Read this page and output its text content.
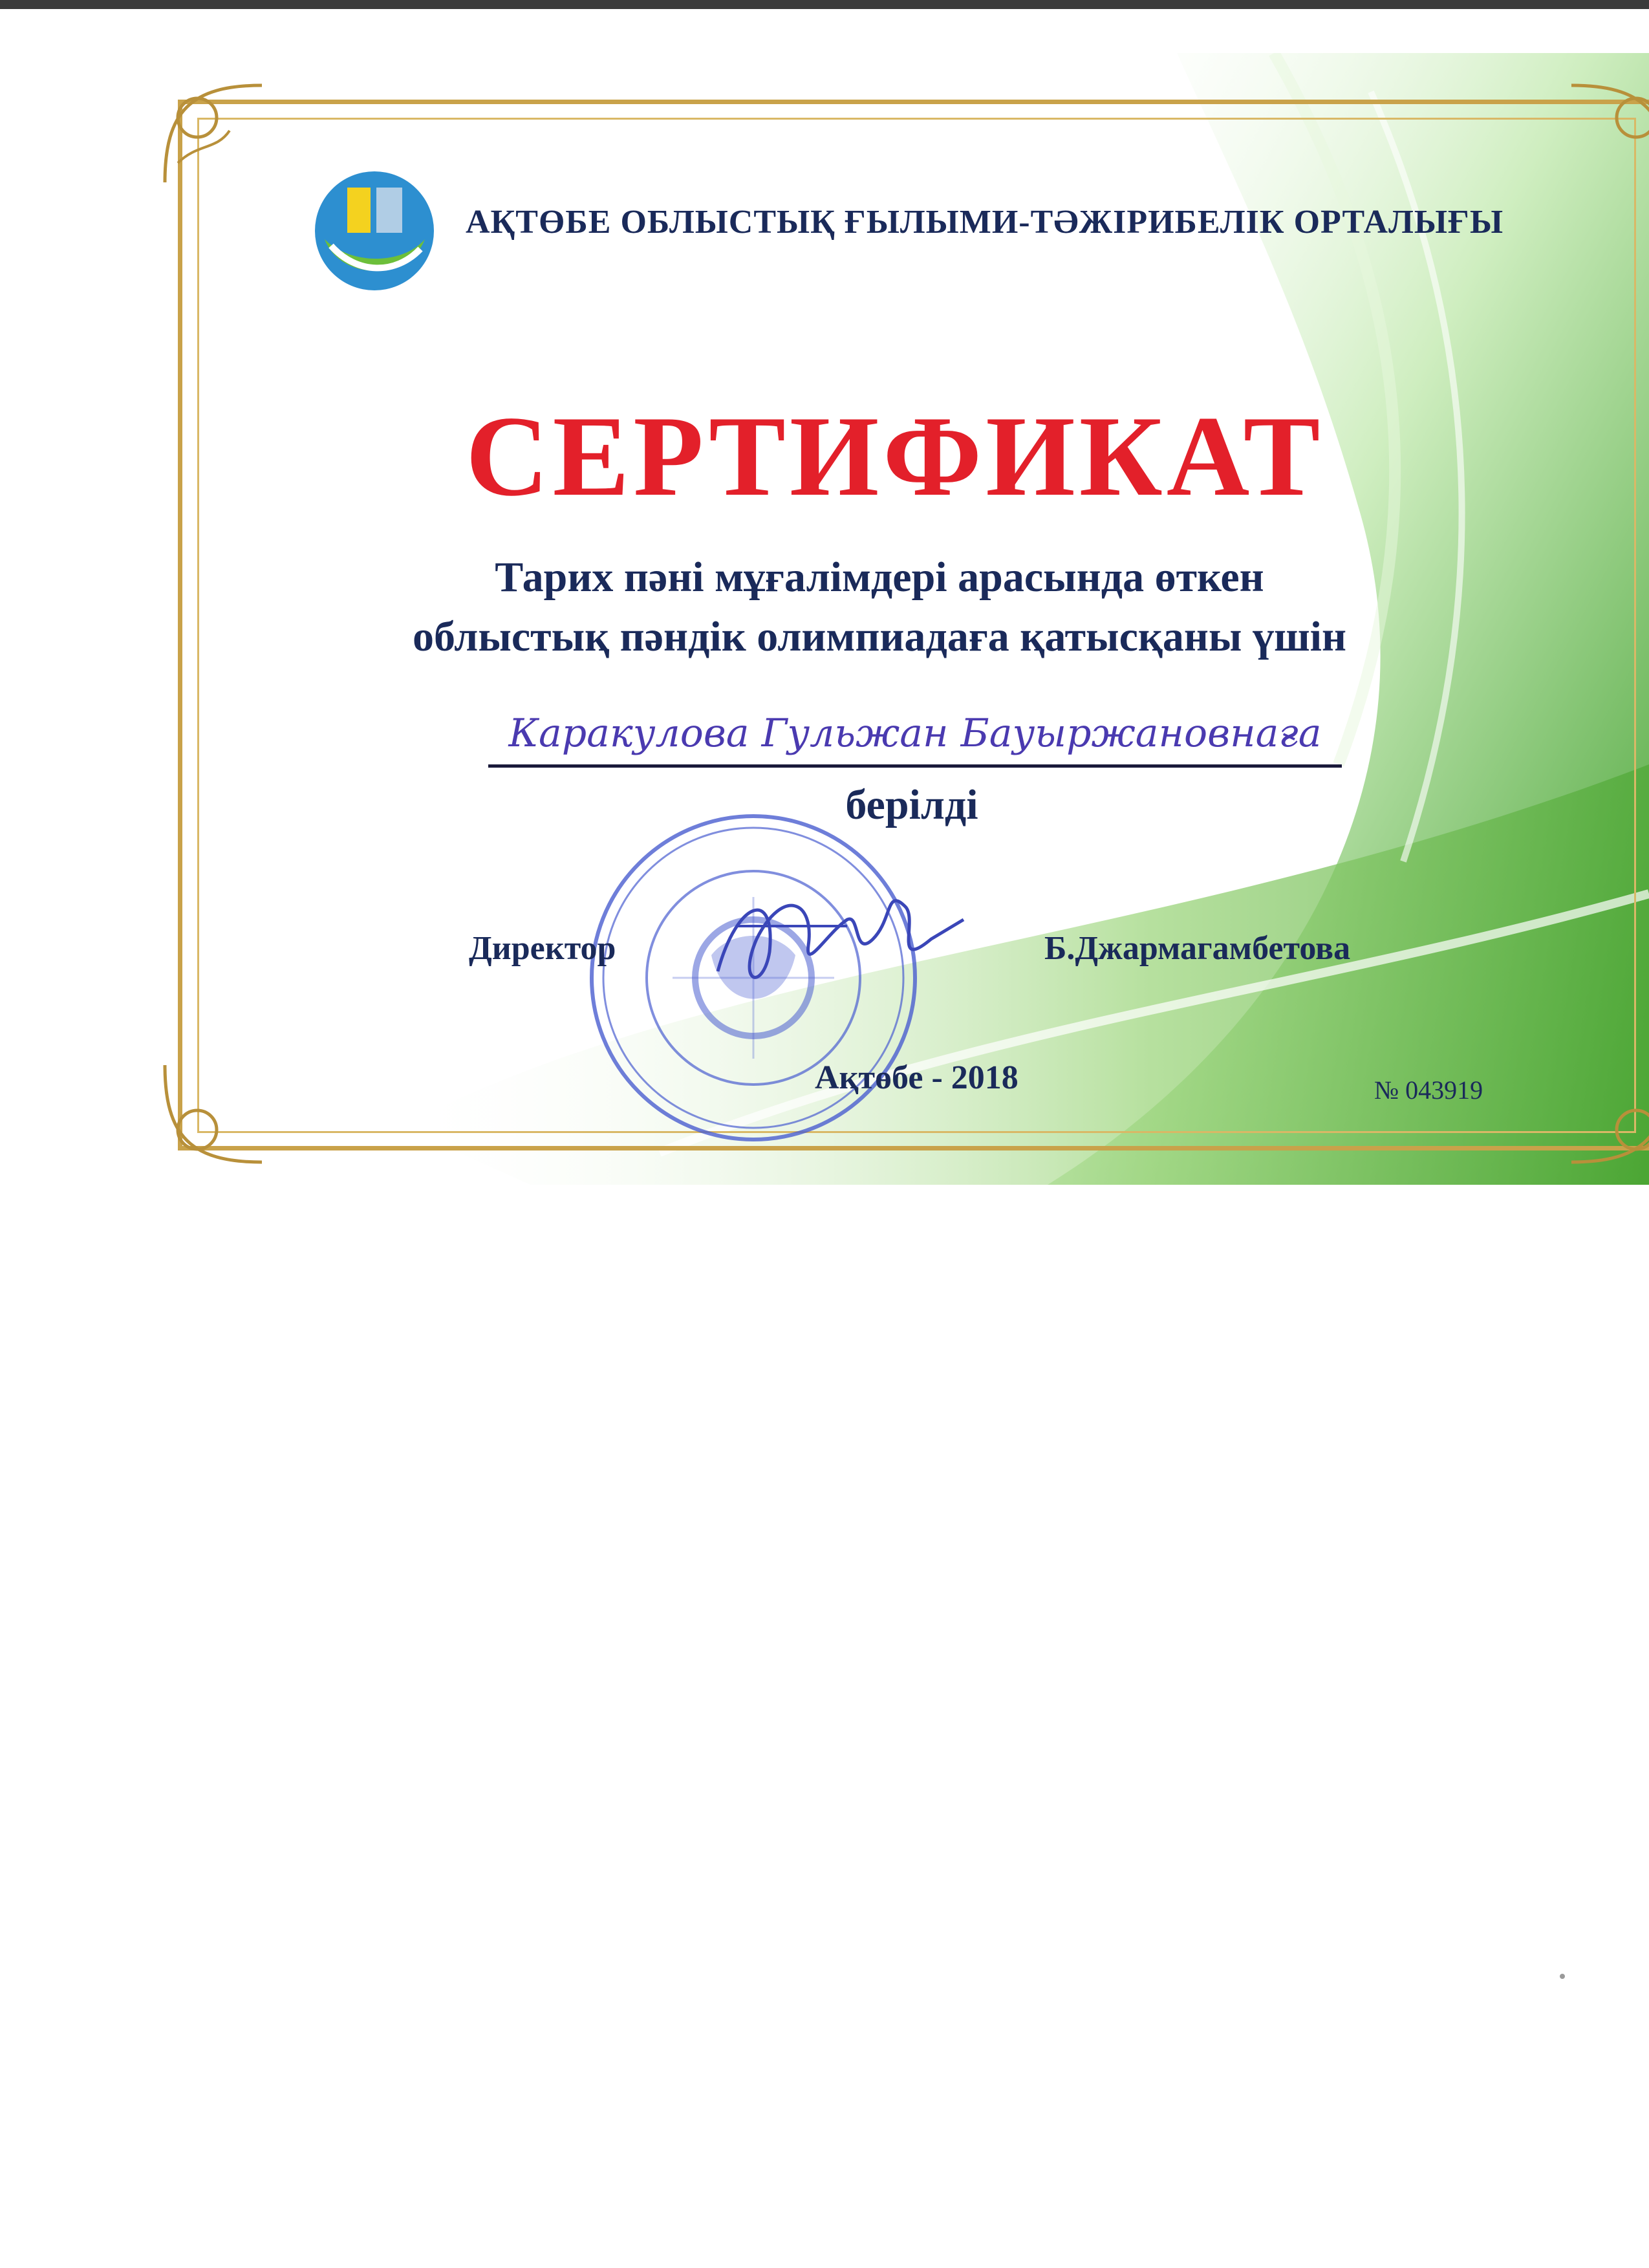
АҚТӨБЕ ОБЛЫСТЫҚ ҒЫЛЫМИ-ТӘЖІРИБЕЛІК ОРТАЛЫҒЫ
СЕРТИФИКАТ
Тарих пәні мұғалімдері арасында өткен
облыстық пәндік олимпиадаға қатысқаны үшін
Каракулова Гульжан Бауыржановнаға
берілді
Директор	Б.Джармагамбетова
Ақтөбе - 2018	№ 043919
